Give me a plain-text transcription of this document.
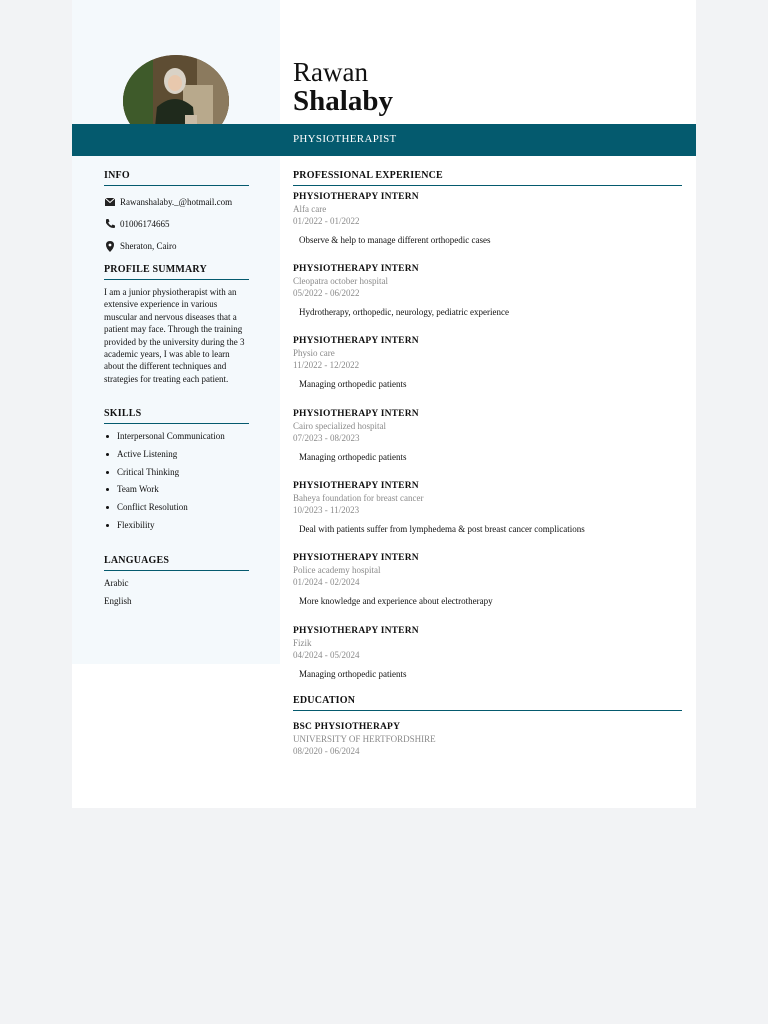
Rawan
Shalaby
PHYSIOTHERAPIST
INFO
Rawanshalaby._@hotmail.com
01006174665
Sheraton, Cairo
PROFILE SUMMARY
I am a junior physiotherapist with an extensive experience in various muscular and nervous diseases that a patient may face. Through the training provided by the university during the 3 academic years, I was able to learn about the different techniques and strategies for treating each patient.
SKILLS
Interpersonal Communication
Active Listening
Critical Thinking
Team Work
Conflict Resolution
Flexibility
LANGUAGES
Arabic
English
PROFESSIONAL EXPERIENCE
PHYSIOTHERAPY INTERN
Alfa care
01/2022 - 01/2022
Observe & help to manage different orthopedic cases
PHYSIOTHERAPY INTERN
Cleopatra october hospital
05/2022 - 06/2022
Hydrotherapy, orthopedic, neurology, pediatric experience
PHYSIOTHERAPY INTERN
Physio care
11/2022 - 12/2022
Managing orthopedic patients
PHYSIOTHERAPY INTERN
Cairo specialized hospital
07/2023 - 08/2023
Managing orthopedic patients
PHYSIOTHERAPY INTERN
Baheya foundation for breast cancer
10/2023 - 11/2023
Deal with patients suffer from lymphedema & post breast cancer complications
PHYSIOTHERAPY INTERN
Police academy hospital
01/2024 - 02/2024
More knowledge and experience about electrotherapy
PHYSIOTHERAPY INTERN
Fizik
04/2024 - 05/2024
Managing orthopedic patients
EDUCATION
BSC PHYSIOTHERAPY
UNIVERSITY OF HERTFORDSHIRE
08/2020 - 06/2024
